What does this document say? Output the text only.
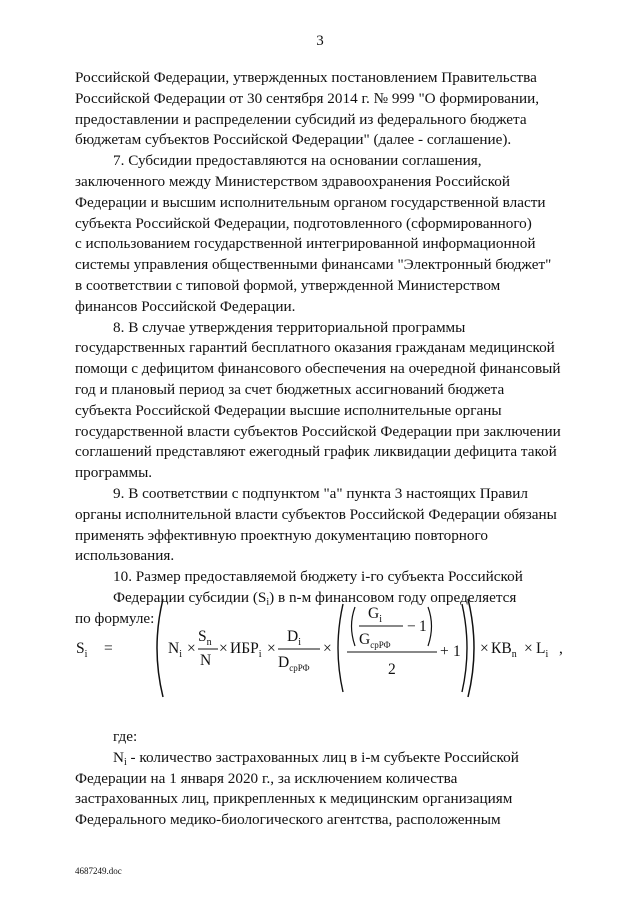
3

Российской Федерации, утвержденных постановлением Правительства
Российской Федерации от 30 сентября 2014 г. № 999 "О формировании,
предоставлении и распределении субсидий из федерального бюджета
бюджетам субъектов Российской Федерации" (далее - соглашение).

7. Субсидии предоставляются на основании соглашения,
заключенного между Министерством здравоохранения Российской
Федерации и высшим исполнительным органом государственной власти
субъекта Российской Федерации, подготовленного (сформированного)
с использованием государственной интегрированной информационной
системы управления общественными финансами "Электронный бюджет"
в соответствии с типовой формой, утвержденной Министерством
финансов Российской Федерации.

8. В случае утверждения территориальной программы
государственных гарантий бесплатного оказания гражданам медицинской
помощи с дефицитом финансового обеспечения на очередной финансовый
год и плановый период за счет бюджетных ассигнований бюджета
субъекта Российской Федерации высшие исполнительные органы
государственной власти субъектов Российской Федерации при заключении
соглашений представляют ежегодный график ликвидации дефицита такой
программы.

9. В соответствии с подпунктом "а" пункта 3 настоящих Правил
органы исполнительной власти субъектов Российской Федерации обязаны
применять эффективную проектную документацию повторного
использования.

10. Размер предоставляемой бюджету i-го субъекта Российской
Федерации субсидии $(S_i)$ в n-м финансовом году определяется
по формуле:

$S_i$ =	$N_i$ ×
$S_n$
N
× $ИБР_i$ ×
$D_i$
$D_{срРФ}$
×
$G_i$
$G_{срРФ}$
− 1
2
+ $1 \times КВ_n \times L_i$ ,

где:

$N_i$ - количество застрахованных лиц в i-м субъекте Российской
Федерации на 1 января 2020 г., за исключением количества
застрахованных лиц, прикрепленных к медицинским организациям
Федерального медико-биологического агентства, расположенным

4687249.doc
